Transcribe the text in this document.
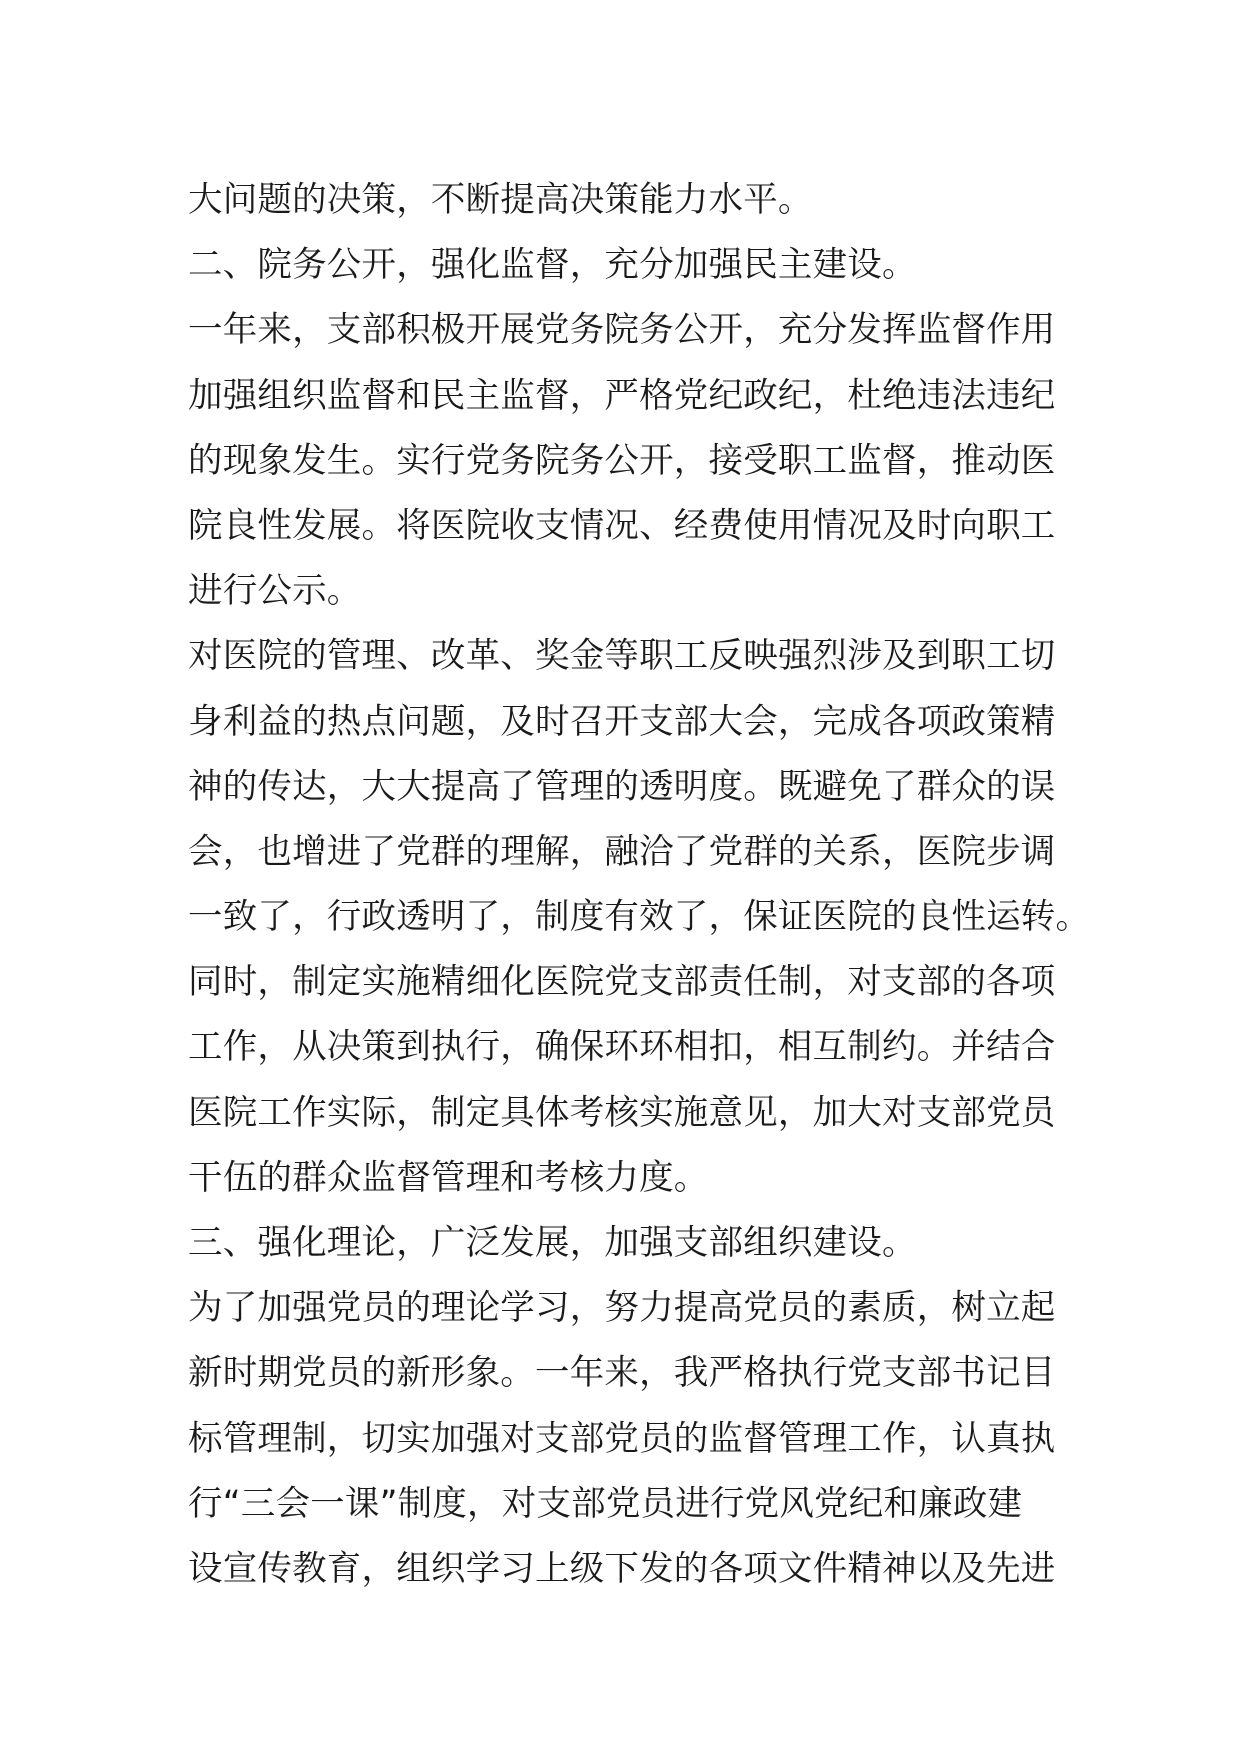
大问题的决策，不断提高决策能力水平。
二、院务公开，强化监督，充分加强民主建设。
一年来，支部积极开展党务院务公开，充分发挥监督作用
加强组织监督和民主监督，严格党纪政纪，杜绝违法违纪
的现象发生。实行党务院务公开，接受职工监督，推动医
院良性发展。将医院收支情况、经费使用情况及时向职工
进行公示。
对医院的管理、改革、奖金等职工反映强烈涉及到职工切
身利益的热点问题，及时召开支部大会，完成各项政策精
神的传达，大大提高了管理的透明度。既避免了群众的误
会，也增进了党群的理解，融洽了党群的关系，医院步调
一致了，行政透明了，制度有效了，保证医院的良性运转。
同时，制定实施精细化医院党支部责任制，对支部的各项
工作，从决策到执行，确保环环相扣，相互制约。并结合
医院工作实际，制定具体考核实施意见，加大对支部党员
干伍的群众监督管理和考核力度。
三、强化理论，广泛发展，加强支部组织建设。
为了加强党员的理论学习，努力提高党员的素质，树立起
新时期党员的新形象。一年来，我严格执行党支部书记目
标管理制，切实加强对支部党员的监督管理工作，认真执
行“三会一课”制度，对支部党员进行党风党纪和廉政建
设宣传教育，组织学习上级下发的各项文件精神以及先进
